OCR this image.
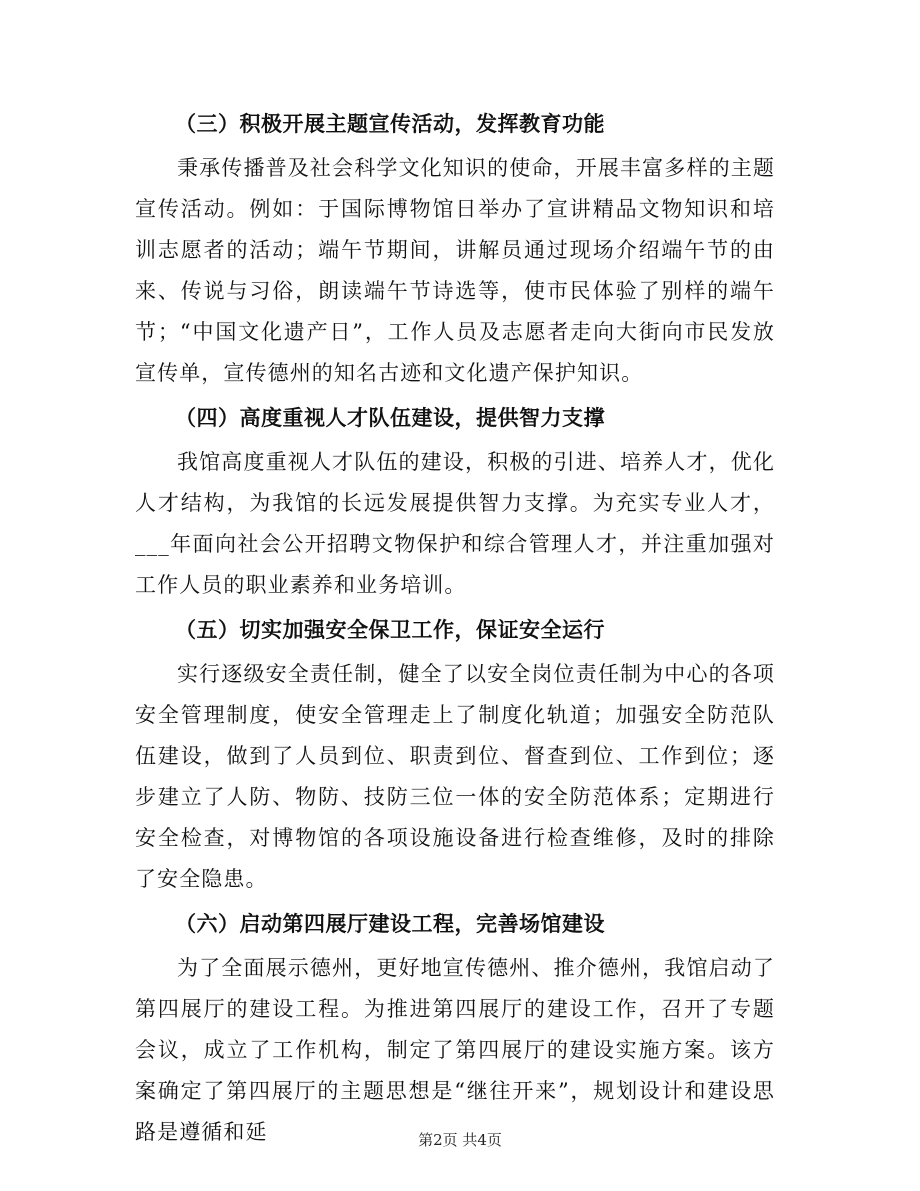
（三）积极开展主题宣传活动，发挥教育功能

秉承传播普及社会科学文化知识的使命，开展丰富多样的主题宣传活动。例如：于国际博物馆日举办了宣讲精品文物知识和培训志愿者的活动；端午节期间，讲解员通过现场介绍端午节的由来、传说与习俗，朗读端午节诗选等，使市民体验了别样的端午节；“中国文化遗产日”，工作人员及志愿者走向大街向市民发放宣传单，宣传德州的知名古迹和文化遗产保护知识。

（四）高度重视人才队伍建设，提供智力支撑

我馆高度重视人才队伍的建设，积极的引进、培养人才，优化人才结构，为我馆的长远发展提供智力支撑。为充实专业人才，___年面向社会公开招聘文物保护和综合管理人才，并注重加强对工作人员的职业素养和业务培训。

（五）切实加强安全保卫工作，保证安全运行

实行逐级安全责任制，健全了以安全岗位责任制为中心的各项安全管理制度，使安全管理走上了制度化轨道；加强安全防范队伍建设，做到了人员到位、职责到位、督查到位、工作到位；逐步建立了人防、物防、技防三位一体的安全防范体系；定期进行安全检查，对博物馆的各项设施设备进行检查维修，及时的排除了安全隐患。

（六）启动第四展厅建设工程，完善场馆建设

为了全面展示德州，更好地宣传德州、推介德州，我馆启动了第四展厅的建设工程。为推进第四展厅的建设工作，召开了专题会议，成立了工作机构，制定了第四展厅的建设实施方案。该方案确定了第四展厅的主题思想是“继往开来”，规划设计和建设思路是遵循和延	第2页 共4页
